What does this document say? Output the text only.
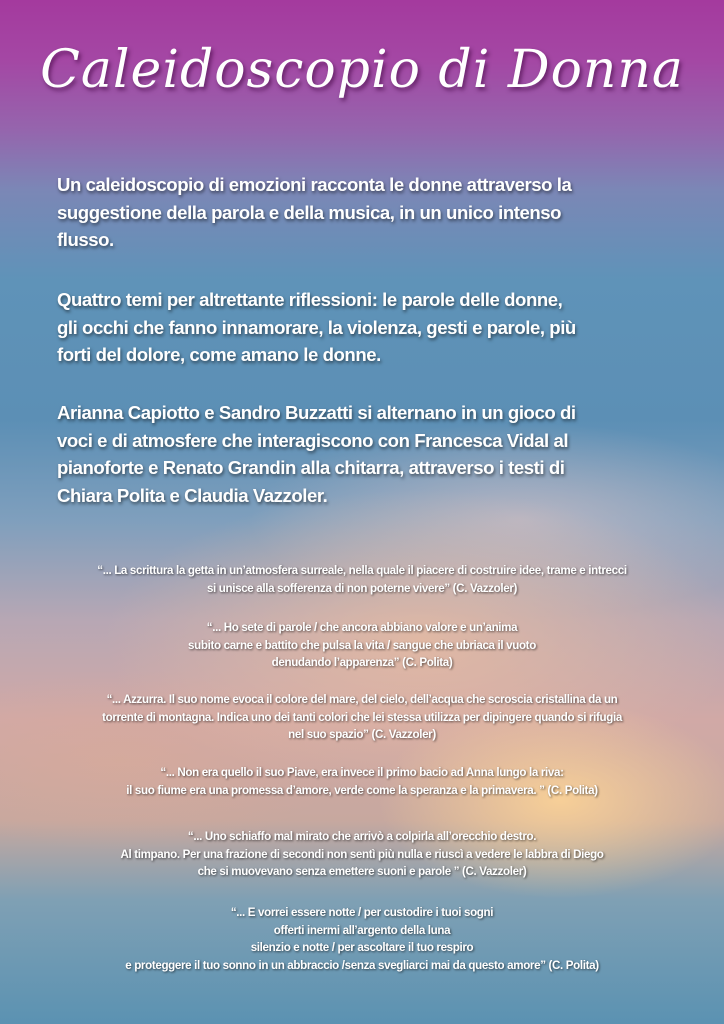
Caleidoscopio di Donna
Un caleidoscopio di emozioni racconta le donne attraverso la
suggestione della parola e della musica, in un unico intenso
flusso.
Quattro temi per altrettante riflessioni: le parole delle donne,
gli occhi che fanno innamorare, la violenza, gesti e parole, più
forti del dolore, come amano le donne.
Arianna Capiotto e Sandro Buzzatti si alternano in un gioco di
voci e di atmosfere che interagiscono con Francesca Vidal al
pianoforte e Renato Grandin alla chitarra, attraverso i testi di
Chiara Polita e Claudia Vazzoler.
“... La scrittura la getta in un’atmosfera surreale, nella quale il piacere di costruire idee, trame e intrecci
si unisce alla sofferenza di non poterne vivere” (C. Vazzoler)
“... Ho sete di parole / che ancora abbiano valore e un’anima
subito carne e battito che pulsa la vita / sangue che ubriaca il vuoto
denudando l’apparenza” (C. Polita)
“... Azzurra. Il suo nome evoca il colore del mare, del cielo, dell’acqua che scroscia cristallina da un
torrente di montagna. Indica uno dei tanti colori che lei stessa utilizza per dipingere quando si rifugia
nel suo spazio” (C. Vazzoler)
“... Non era quello il suo Piave, era invece il primo bacio ad Anna lungo la riva:
il suo fiume era una promessa d’amore, verde come la speranza e la primavera. ” (C. Polita)
“... Uno schiaffo mal mirato che arrivò a colpirla all’orecchio destro.
Al timpano. Per una frazione di secondi non sentì più nulla e riuscì a vedere le labbra di Diego
che si muovevano senza emettere suoni e parole ” (C. Vazzoler)
“... E vorrei essere notte / per custodire i tuoi sogni
offerti inermi all’argento della luna
silenzio e notte / per ascoltare il tuo respiro
e proteggere il tuo sonno in un abbraccio /senza svegliarci mai da questo amore” (C. Polita)
